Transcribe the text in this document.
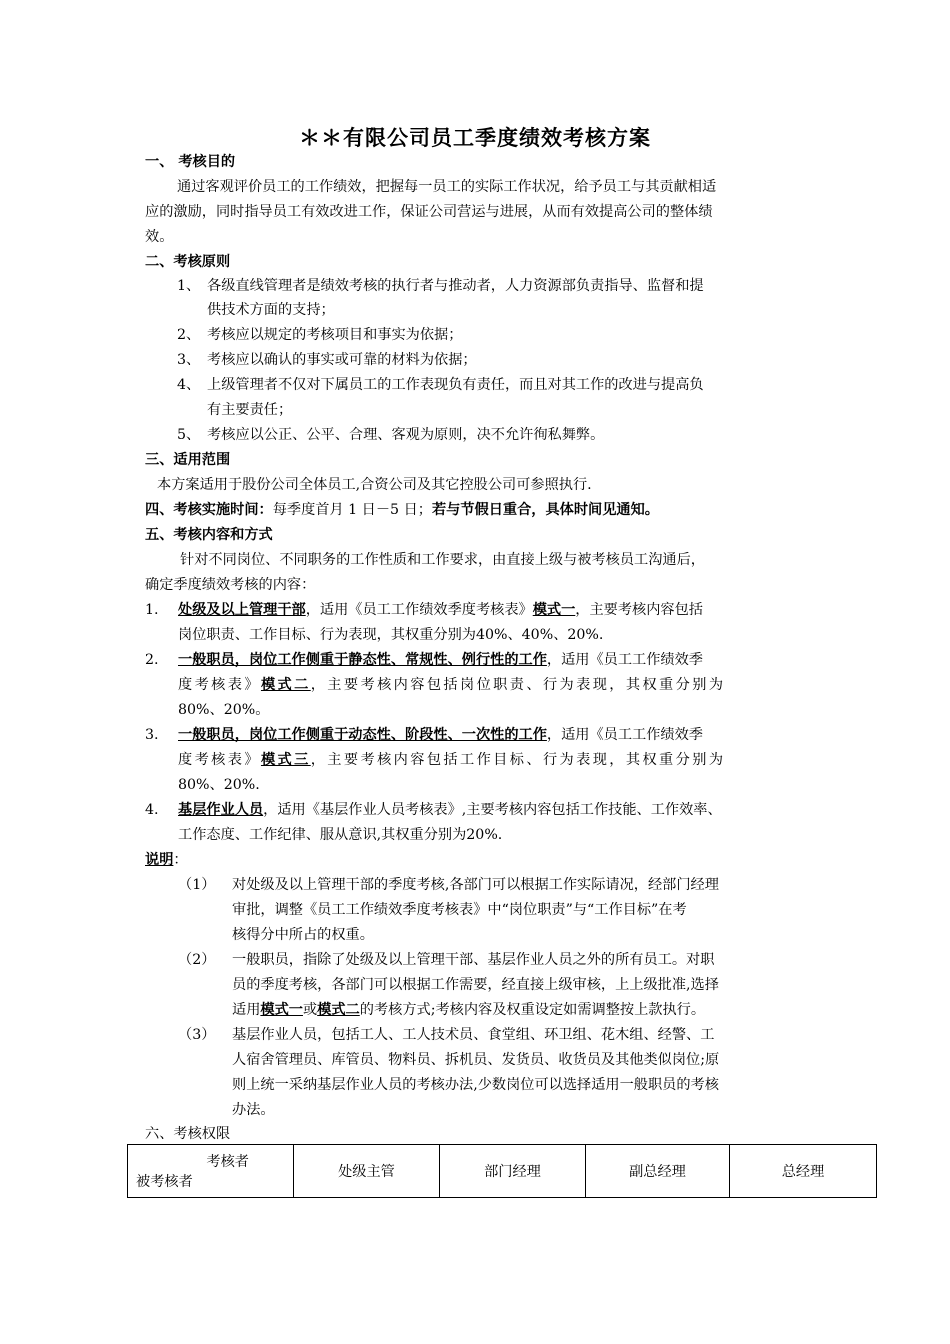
＊＊有限公司员工季度绩效考核方案
一、 考核目的
通过客观评价员工的工作绩效，把握每一员工的实际工作状况，给予员工与其贡献相适
应的激励，同时指导员工有效改进工作，保证公司营运与进展，从而有效提高公司的整体绩
效。
二、考核原则
1、 各级直线管理者是绩效考核的执行者与推动者，人力资源部负责指导、监督和提
供技术方面的支持；
2、 考核应以规定的考核项目和事实为依据；
3、 考核应以确认的事实或可靠的材料为依据；
4、 上级管理者不仅对下属员工的工作表现负有责任，而且对其工作的改进与提高负
有主要责任；
5、 考核应以公正、公平、合理、客观为原则，决不允许徇私舞弊。
三、适用范围
本方案适用于股份公司全体员工,合资公司及其它控股公司可参照执行.
四、考核实施时间：每季度首月 1 日－5 日；若与节假日重合，具体时间见通知。
五、考核内容和方式
针对不同岗位、不同职务的工作性质和工作要求，由直接上级与被考核员工沟通后，
确定季度绩效考核的内容：
1. 处级及以上管理干部，适用《员工工作绩效季度考核表》模式一，主要考核内容包括
岗位职责、工作目标、行为表现，其权重分别为40%、40%、20%.
2. 一般职员，岗位工作侧重于静态性、常规性、例行性的工作，适用《员工工作绩效季
度考核表》模式二，主要考核内容包括岗位职责、行为表现，其权重分别为
80%、20%。
3. 一般职员，岗位工作侧重于动态性、阶段性、一次性的工作，适用《员工工作绩效季
度考核表》模式三，主要考核内容包括工作目标、行为表现，其权重分别为
80%、20%.
4. 基层作业人员，适用《基层作业人员考核表》,主要考核内容包括工作技能、工作效率、
工作态度、工作纪律、服从意识,其权重分别为20%.
说明：
（1） 对处级及以上管理干部的季度考核,各部门可以根据工作实际请况，经部门经理
审批，调整《员工工作绩效季度考核表》中“岗位职责”与“工作目标”在考
核得分中所占的权重。
（2） 一般职员，指除了处级及以上管理干部、基层作业人员之外的所有员工。对职
员的季度考核，各部门可以根据工作需要，经直接上级审核，上上级批准,选择
适用模式一或模式二的考核方式;考核内容及权重设定如需调整按上款执行。
（3） 基层作业人员，包括工人、工人技术员、食堂组、环卫组、花木组、经警、工
人宿舍管理员、库管员、物料员、拆机员、发货员、收货员及其他类似岗位;原
则上统一采纳基层作业人员的考核办法,少数岗位可以选择适用一般职员的考核
办法。
六、考核权限
考核者
被考核者
	处级主管	部门经理	副总经理	总经理
